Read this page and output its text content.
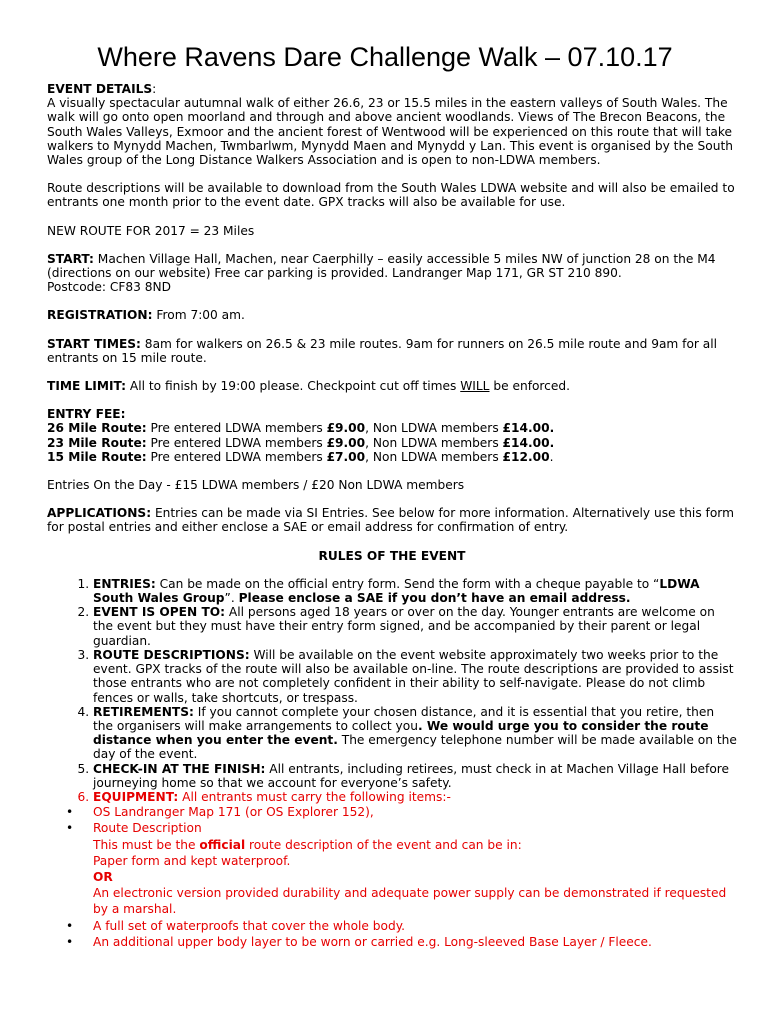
Where Ravens Dare Challenge Walk – 07.10.17

EVENT DETAILS:
A visually spectacular autumnal walk of either 26.6, 23 or 15.5 miles in the eastern valleys of South Wales. The walk will go onto open moorland and through and above ancient woodlands. Views of The Brecon Beacons, the South Wales Valleys, Exmoor and the ancient forest of Wentwood will be experienced on this route that will take walkers to Mynydd Machen, Twmbarlwm, Mynydd Maen and Mynydd y Lan. This event is organised by the South Wales group of the Long Distance Walkers Association and is open to non-LDWA members.

Route descriptions will be available to download from the South Wales LDWA website and will also be emailed to entrants one month prior to the event date. GPX tracks will also be available for use.

NEW ROUTE FOR 2017 = 23 Miles

START: Machen Village Hall, Machen, near Caerphilly – easily accessible 5 miles NW of junction 28 on the M4 (directions on our website) Free car parking is provided. Landranger Map 171, GR ST 210 890.
Postcode: CF83 8ND

REGISTRATION: From 7:00 am.

START TIMES: 8am for walkers on 26.5 & 23 mile routes. 9am for runners on 26.5 mile route and 9am for all entrants on 15 mile route.

TIME LIMIT: All to finish by 19:00 please. Checkpoint cut off times WILL be enforced.

ENTRY FEE:
26 Mile Route: Pre entered LDWA members £9.00, Non LDWA members £14.00.
23 Mile Route: Pre entered LDWA members £9.00, Non LDWA members £14.00.
15 Mile Route: Pre entered LDWA members £7.00, Non LDWA members £12.00.

Entries On the Day - £15 LDWA members / £20 Non LDWA members

APPLICATIONS: Entries can be made via SI Entries. See below for more information. Alternatively use this form for postal entries and either enclose a SAE or email address for confirmation of entry.

RULES OF THE EVENT
1. ENTRIES: Can be made on the official entry form. Send the form with a cheque payable to “LDWA South Wales Group”. Please enclose a SAE if you don’t have an email address.
2. EVENT IS OPEN TO: All persons aged 18 years or over on the day. Younger entrants are welcome on the event but they must have their entry form signed, and be accompanied by their parent or legal guardian.
3. ROUTE DESCRIPTIONS: Will be available on the event website approximately two weeks prior to the event. GPX tracks of the route will also be available on-line. The route descriptions are provided to assist those entrants who are not completely confident in their ability to self-navigate. Please do not climb fences or walls, take shortcuts, or trespass.
4. RETIREMENTS: If you cannot complete your chosen distance, and it is essential that you retire, then the organisers will make arrangements to collect you. We would urge you to consider the route distance when you enter the event. The emergency telephone number will be made available on the day of the event.
5. CHECK-IN AT THE FINISH: All entrants, including retirees, must check in at Machen Village Hall before journeying home so that we account for everyone’s safety.
6. EQUIPMENT: All entrants must carry the following items:-
• OS Landranger Map 171 (or OS Explorer 152),
• Route Description
This must be the official route description of the event and can be in:
Paper form and kept waterproof.
OR
An electronic version provided durability and adequate power supply can be demonstrated if requested by a marshal.
• A full set of waterproofs that cover the whole body.
• An additional upper body layer to be worn or carried e.g. Long-sleeved Base Layer / Fleece.
